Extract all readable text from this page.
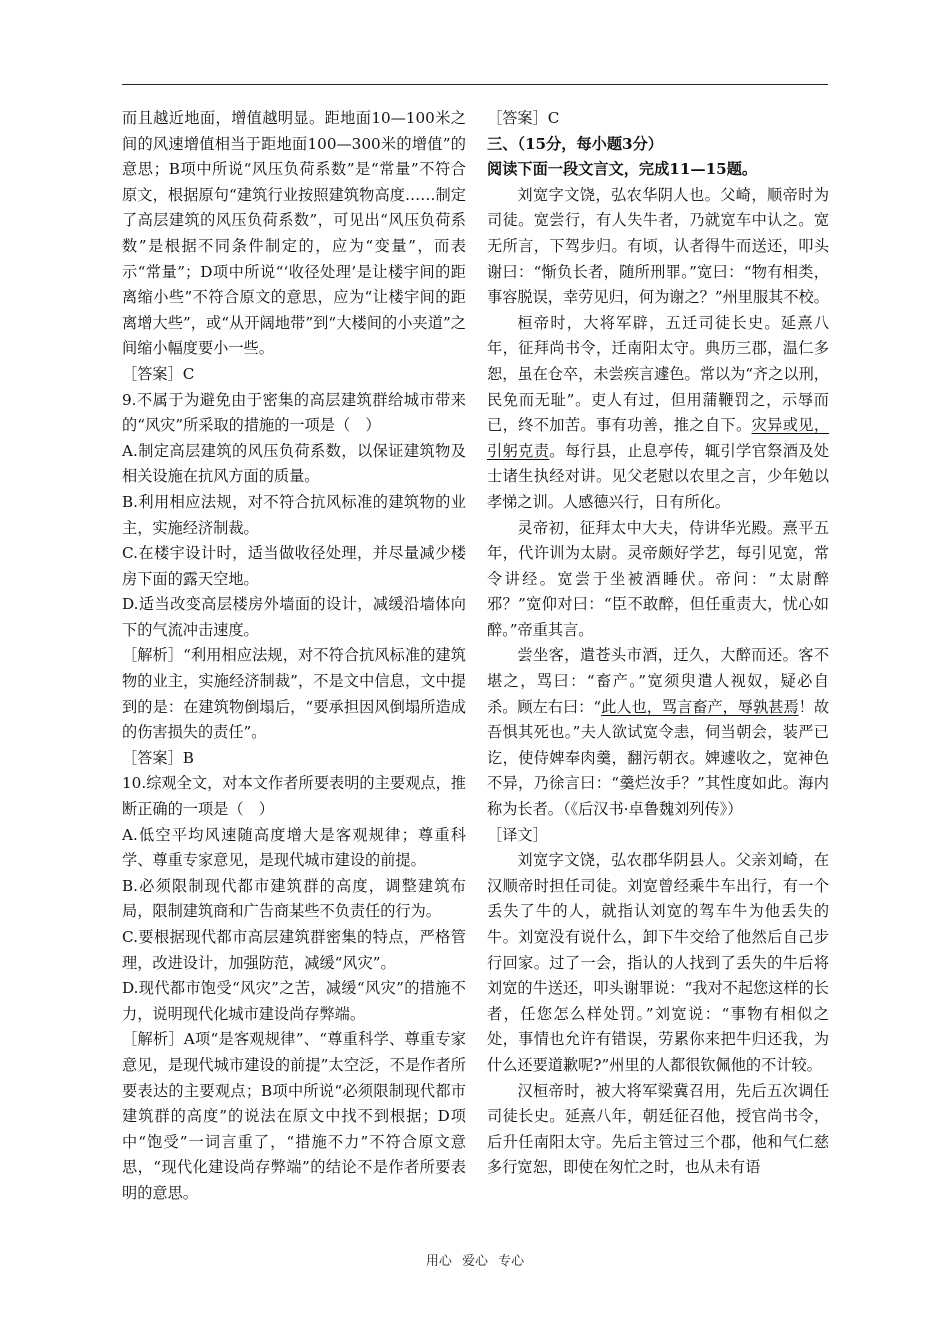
而且越近地面，增值越明显。距地面10—100米之间的风速增值相当于距地面100—300米的增值”的意思；B项中所说“风压负荷系数”是“常量”不符合原文，根据原句“建筑行业按照建筑物高度……制定了高层建筑的风压负荷系数”，可见出“风压负荷系数”是根据不同条件制定的，应为“变量”，而表示“常量”；D项中所说“‘收径处理’是让楼宇间的距离缩小些”不符合原文的意思，应为“让楼宇间的距离增大些”，或“从开阔地带”到“大楼间的小夹道”之间缩小幅度要小一些。

［答案］C

9.不属于为避免由于密集的高层建筑群给城市带来的“风灾”所采取的措施的一项是（　）

A.制定高层建筑的风压负荷系数，以保证建筑物及相关设施在抗风方面的质量。

B.利用相应法规，对不符合抗风标准的建筑物的业主，实施经济制裁。

C.在楼宇设计时，适当做收径处理，并尽量减少楼房下面的露天空地。

D.适当改变高层楼房外墙面的设计，减缓沿墙体向下的气流冲击速度。

［解析］“利用相应法规，对不符合抗风标准的建筑物的业主，实施经济制裁”，不是文中信息，文中提到的是：在建筑物倒塌后，“要承担因风倒塌所造成的伤害损失的责任”。

［答案］B

10.综观全文，对本文作者所要表明的主要观点，推断正确的一项是（　）

A.低空平均风速随高度增大是客观规律；尊重科学、尊重专家意见，是现代城市建设的前提。

B.必须限制现代都市建筑群的高度，调整建筑布局，限制建筑商和广告商某些不负责任的行为。

C.要根据现代都市高层建筑群密集的特点，严格管理，改进设计，加强防范，减缓“风灾”。

D.现代都市饱受“风灾”之苦，减缓“风灾”的措施不力，说明现代化城市建设尚存弊端。

［解析］A项“是客观规律”、“尊重科学、尊重专家意见，是现代城市建设的前提”太空泛，不是作者所要表达的主要观点；B项中所说“必须限制现代都市建筑群的高度”的说法在原文中找不到根据；D项中“饱受”一词言重了，“措施不力”不符合原文意思，“现代化建设尚存弊端”的结论不是作者所要表明的意思。

［答案］C

三、（15分，每小题3分）

阅读下面一段文言文，完成11—15题。

刘宽字文饶，弘农华阴人也。父崎，顺帝时为司徒。宽尝行，有人失牛者，乃就宽车中认之。宽无所言，下驾步归。有顷，认者得牛而送还，叩头谢曰：“惭负长者，随所刑罪。”宽曰：“物有相类，事容脱误，幸劳见归，何为谢之？”州里服其不校。

桓帝时，大将军辟，五迁司徒长史。延熹八年，征拜尚书令，迁南阳太守。典历三郡，温仁多恕，虽在仓卒，未尝疾言遽色。常以为“齐之以刑，民免而无耻”。吏人有过，但用蒲鞭罚之，示辱而已，终不加苦。事有功善，推之自下。灾异或见，引躬克责。每行县，止息亭传，辄引学官祭酒及处士诸生执经对讲。见父老慰以农里之言，少年勉以孝悌之训。人感德兴行，日有所化。

灵帝初，征拜太中大夫，侍讲华光殿。熹平五年，代许训为太尉。灵帝颇好学艺，每引见宽，常令讲经。宽尝于坐被酒睡伏。帝问：“太尉醉邪？”宽仰对曰：“臣不敢醉，但任重责大，忧心如醉。”帝重其言。

尝坐客，遣苍头市酒，迂久，大醉而还。客不堪之，骂曰：“畜产。”宽须臾遣人视奴，疑必自杀。顾左右曰：“此人也，骂言畜产，辱孰甚焉！故吾惧其死也。”夫人欲试宽令恚，伺当朝会，装严已讫，使侍婢奉肉羹，翻污朝衣。婢遽收之，宽神色不异，乃徐言曰：“羹烂汝手？”其性度如此。海内称为长者。（《后汉书·卓鲁魏刘列传》）

［译文］

刘宽字文饶，弘农郡华阴县人。父亲刘崎，在汉顺帝时担任司徒。刘宽曾经乘牛车出行，有一个丢失了牛的人，就指认刘宽的驾车牛为他丢失的牛。刘宽没有说什么，卸下牛交给了他然后自己步行回家。过了一会，指认的人找到了丢失的牛后将刘宽的牛送还，叩头谢罪说：“我对不起您这样的长者，任您怎么样处罚。”刘宽说：“事物有相似之处，事情也允许有错误，劳累你来把牛归还我，为什么还要道歉呢?”州里的人都很钦佩他的不计较。

汉桓帝时，被大将军梁冀召用，先后五次调任司徒长史。延熹八年，朝廷征召他，授官尚书令，后升任南阳太守。先后主管过三个郡，他和气仁慈多行宽恕，即使在匆忙之时，也从未有语

用心 爱心 专心
